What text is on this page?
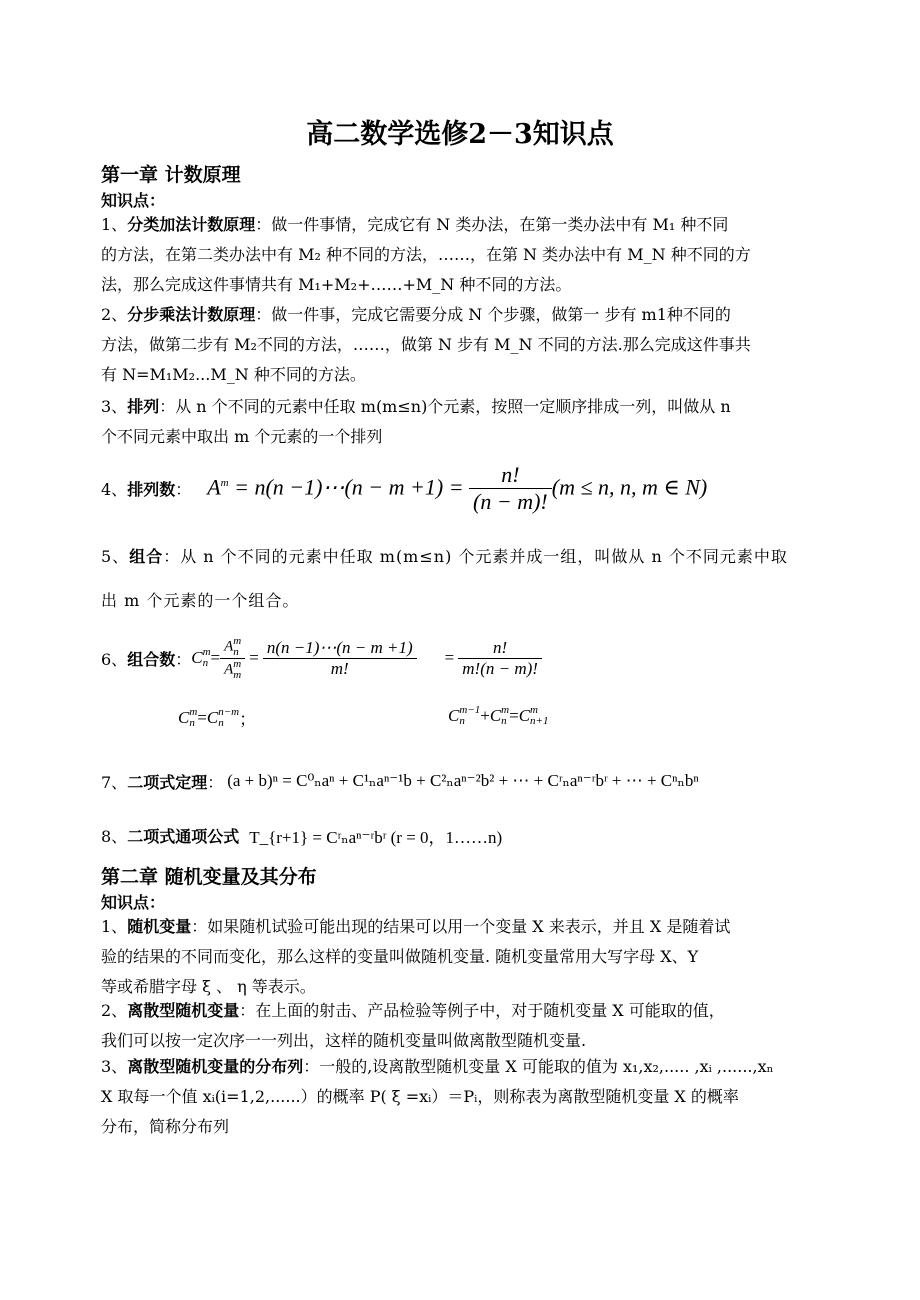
高二数学选修2－3知识点
第一章 计数原理
知识点：
1、分类加法计数原理：做一件事情，完成它有 N 类办法，在第一类办法中有 M₁ 种不同
的方法，在第二类办法中有 M₂ 种不同的方法，……，在第 N 类办法中有 M_N 种不同的方
法，那么完成这件事情共有 M₁+M₂+……+M_N 种不同的方法。
2、分步乘法计数原理：做一件事，完成它需要分成 N 个步骤，做第一 步有 m1种不同的
方法，做第二步有 M₂不同的方法，……，做第 N 步有 M_N 不同的方法.那么完成这件事共
有 N=M₁M₂...M_N 种不同的方法。
3、排列：从 n 个不同的元素中任取 m(m≤n)个元素，按照一定顺序排成一列，叫做从 n
个不同元素中取出 m 个元素的一个排列
4、 排列数 ： $A^m = n(n$ −1)⋯(n − $m +1) = \frac{n!}{(n - m)!} (m \le n$, n, m ∈ N)
5、组合：从 n 个不同的元素中任取 m(m≤n) 个元素并成一组，叫做从 n 个不同元素中取
出 m 个元素的一个组合。
6、 组合数 ： C m
n = A m
n
A m
$m = \frac{n(n -1)\cdots(n - m +1)}{m!} = \frac{n!}{m!(n - m)!}$
C m
n = C n−m
n ；	C m−1
n + C m
n = C m
n+1
7、 二项式定理 ： (a + b)ⁿ = C⁰ₙaⁿ + C¹ₙaⁿ⁻¹b + C²ₙaⁿ⁻²b² + ⋯ + Cʳₙaⁿ⁻ʳbʳ + ⋯ + Cⁿₙbⁿ
8、 二项式通项公式 T_{r+1} = Cʳₙaⁿ⁻ʳbʳ (r = 0，1……n)
第二章 随机变量及其分布
知识点：
1、随机变量：如果随机试验可能出现的结果可以用一个变量 X 来表示，并且 X 是随着试
验的结果的不同而变化，那么这样的变量叫做随机变量. 随机变量常用大写字母 X、Y
等或希腊字母 ξ 、 η 等表示。
2、离散型随机变量：在上面的射击、产品检验等例子中，对于随机变量 X 可能取的值，
我们可以按一定次序一一列出，这样的随机变量叫做离散型随机变量.
3、离散型随机变量的分布列：一般的,设离散型随机变量 X 可能取的值为 x₁,x₂,..... ,xᵢ ,......,xₙ
X 取每一个值 xᵢ(i=1,2,......）的概率 P( ξ =xᵢ）＝Pᵢ，则称表为离散型随机变量 X 的概率
分布，简称分布列
